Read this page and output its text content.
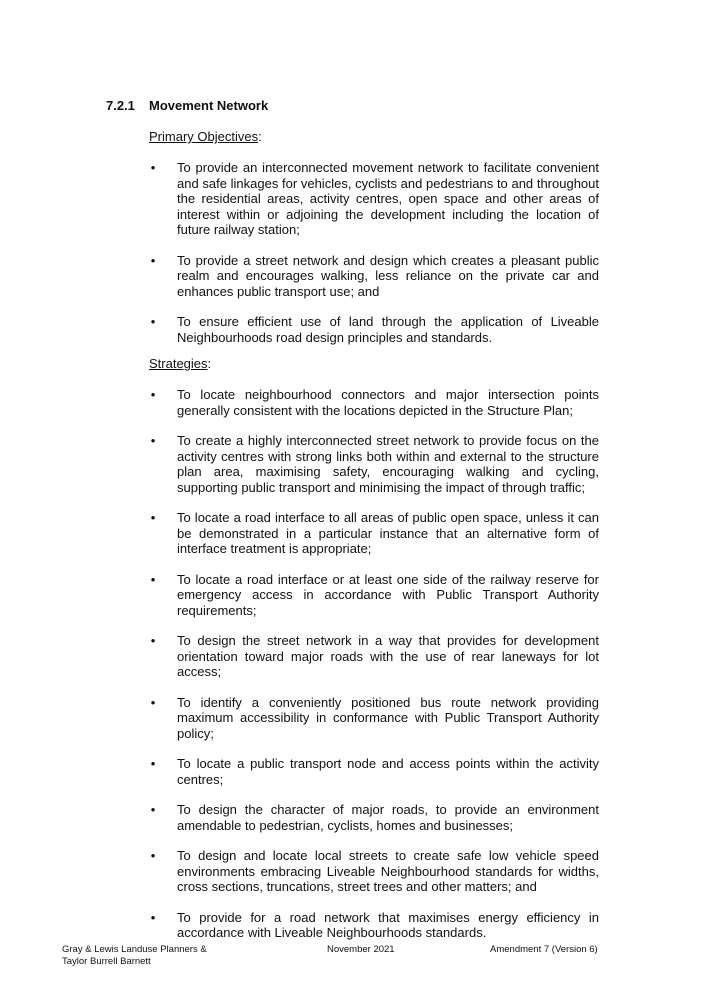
7.2.1	Movement Network
Primary Objectives:
• To provide an interconnected movement network to facilitate convenient and safe linkages for vehicles, cyclists and pedestrians to and throughout the residential areas, activity centres, open space and other areas of interest within or adjoining the development including the location of future railway station;
• To provide a street network and design which creates a pleasant public realm and encourages walking, less reliance on the private car and enhances public transport use; and
• To ensure efficient use of land through the application of Liveable Neighbourhoods road design principles and standards.
Strategies:
• To locate neighbourhood connectors and major intersection points generally consistent with the locations depicted in the Structure Plan;
• To create a highly interconnected street network to provide focus on the activity centres with strong links both within and external to the structure plan area, maximising safety, encouraging walking and cycling, supporting public transport and minimising the impact of through traffic;
• To locate a road interface to all areas of public open space, unless it can be demonstrated in a particular instance that an alternative form of interface treatment is appropriate;
• To locate a road interface or at least one side of the railway reserve for emergency access in accordance with Public Transport Authority requirements;
• To design the street network in a way that provides for development orientation toward major roads with the use of rear laneways for lot access;
• To identify a conveniently positioned bus route network providing maximum accessibility in conformance with Public Transport Authority policy;
• To locate a public transport node and access points within the activity centres;
• To design the character of major roads, to provide an environment amendable to pedestrian, cyclists, homes and businesses;
• To design and locate local streets to create safe low vehicle speed environments embracing Liveable Neighbourhood standards for widths, cross sections, truncations, street trees and other matters; and
• To provide for a road network that maximises energy efficiency in accordance with Liveable Neighbourhoods standards.
Gray & Lewis Landuse Planners &
Taylor Burrell Barnett
November 2021	Amendment 7 (Version 6)
